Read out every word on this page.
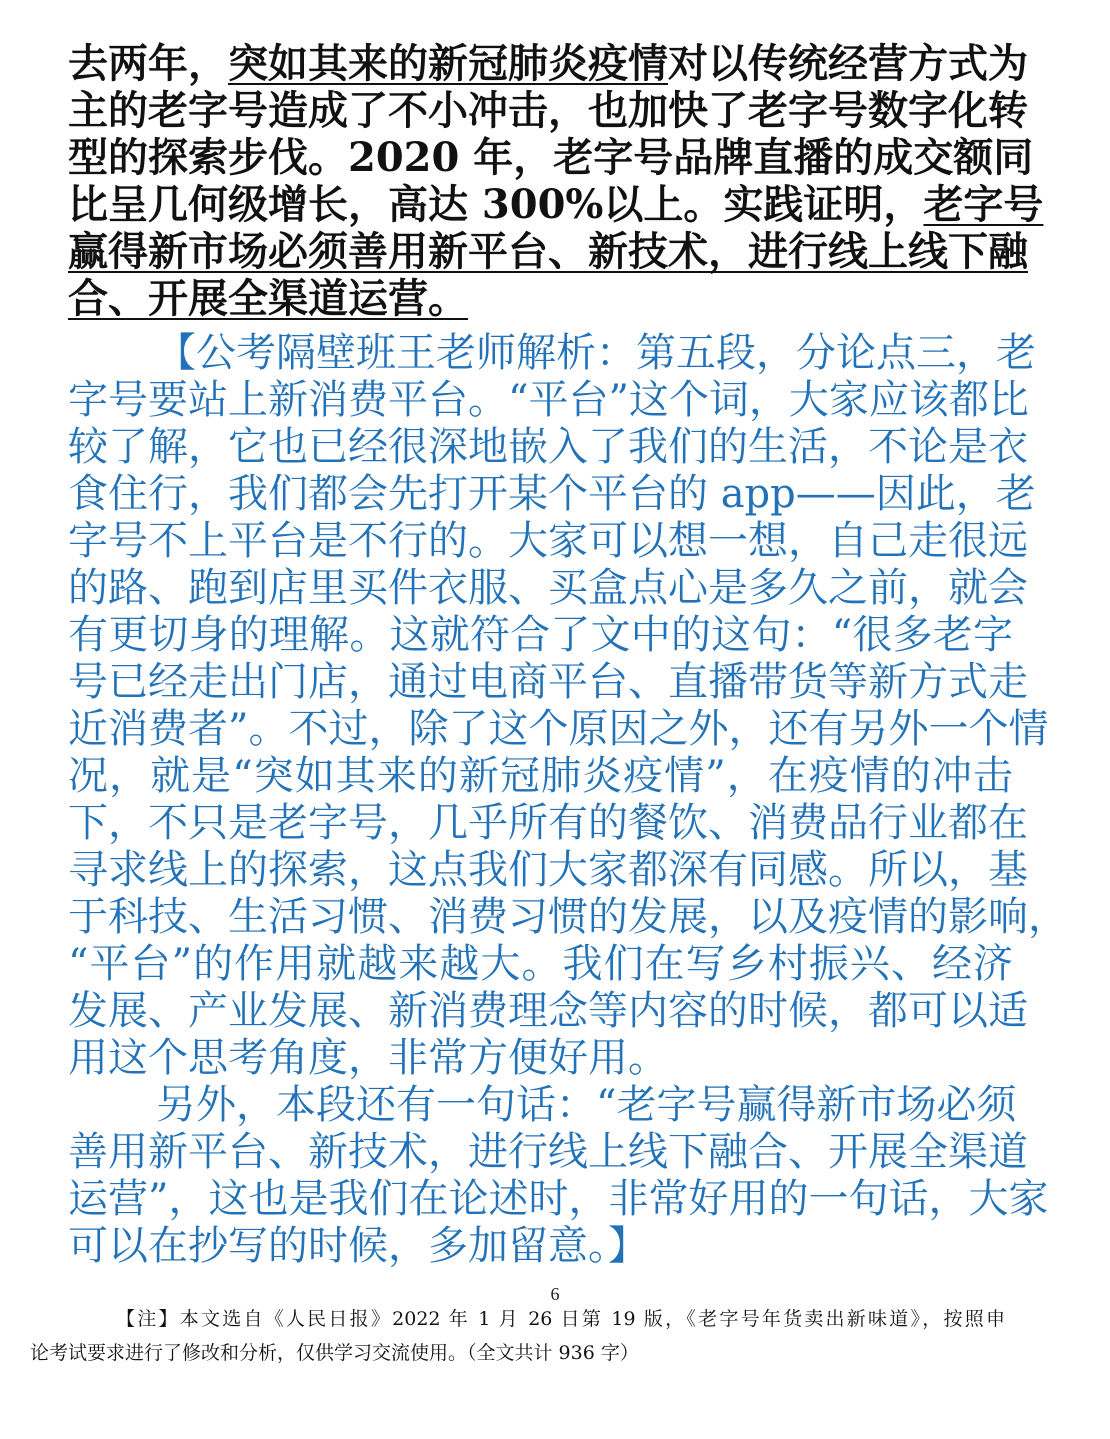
去两年，突如其来的新冠肺炎疫情对以传统经营方式为
主的老字号造成了不小冲击，也加快了老字号数字化转
型的探索步伐。2020 年，老字号品牌直播的成交额同
比呈几何级增长，高达 300%以上。实践证明，老字号
赢得新市场必须善用新平台、新技术，进行线上线下融
合、开展全渠道运营。
【公考隔壁班王老师解析：第五段，分论点三，老
字号要站上新消费平台。“平台”这个词，大家应该都比
较了解，它也已经很深地嵌入了我们的生活，不论是衣
食住行，我们都会先打开某个平台的 app——因此，老
字号不上平台是不行的。大家可以想一想，自己走很远
的路、跑到店里买件衣服、买盒点心是多久之前，就会
有更切身的理解。这就符合了文中的这句：“很多老字
号已经走出门店，通过电商平台、直播带货等新方式走
近消费者”。不过，除了这个原因之外，还有另外一个情
况，就是“突如其来的新冠肺炎疫情”，在疫情的冲击
下，不只是老字号，几乎所有的餐饮、消费品行业都在
寻求线上的探索，这点我们大家都深有同感。所以，基
于科技、生活习惯、消费习惯的发展，以及疫情的影响，
“平台”的作用就越来越大。我们在写乡村振兴、经济
发展、产业发展、新消费理念等内容的时候，都可以适
用这个思考角度，非常方便好用。
另外，本段还有一句话：“老字号赢得新市场必须
善用新平台、新技术，进行线上线下融合、开展全渠道
运营”，这也是我们在论述时，非常好用的一句话，大家
可以在抄写的时候，多加留意。】
6
【注】本文选自《人民日报》2022 年 1 月 26 日第 19 版，《老字号年货卖出新味道》，按照申
论考试要求进行了修改和分析，仅供学习交流使用。（全文共计 936 字）
